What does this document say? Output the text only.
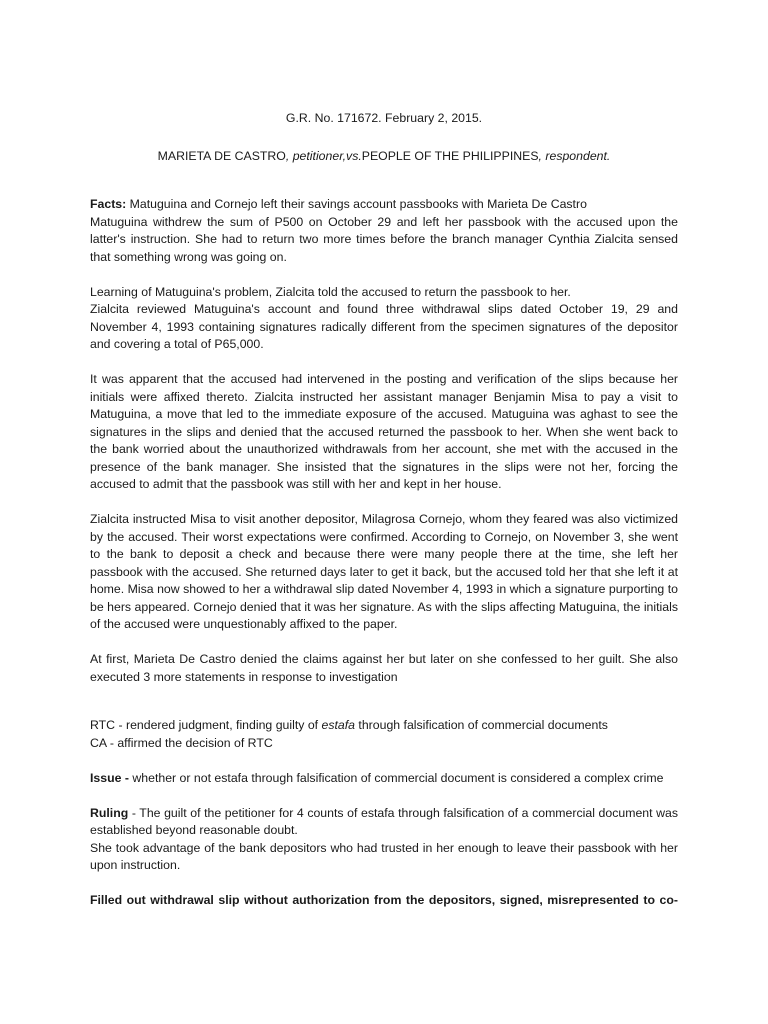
G.R. No. 171672. February 2, 2015.

MARIETA DE CASTRO, petitioner,vs.PEOPLE OF THE PHILIPPINES, respondent.

Facts: Matuguina and Cornejo left their savings account passbooks with Marieta De Castro

Matuguina withdrew the sum of P500 on October 29 and left her passbook with the accused upon the latter's instruction. She had to return two more times before the branch manager Cynthia Zialcita sensed that something wrong was going on.

Learning of Matuguina's problem, Zialcita told the accused to return the passbook to her.

Zialcita reviewed Matuguina's account and found three withdrawal slips dated October 19, 29 and November 4, 1993 containing signatures radically different from the specimen signatures of the depositor and covering a total of P65,000.

It was apparent that the accused had intervened in the posting and verification of the slips because her initials were affixed thereto. Zialcita instructed her assistant manager Benjamin Misa to pay a visit to Matuguina, a move that led to the immediate exposure of the accused. Matuguina was aghast to see the signatures in the slips and denied that the accused returned the passbook to her. When she went back to the bank worried about the unauthorized withdrawals from her account, she met with the accused in the presence of the bank manager. She insisted that the signatures in the slips were not her, forcing the accused to admit that the passbook was still with her and kept in her house.

Zialcita instructed Misa to visit another depositor, Milagrosa Cornejo, whom they feared was also victimized by the accused. Their worst expectations were confirmed. According to Cornejo, on November 3, she went to the bank to deposit a check and because there were many people there at the time, she left her passbook with the accused. She returned days later to get it back, but the accused told her that she left it at home. Misa now showed to her a withdrawal slip dated November 4, 1993 in which a signature purporting to be hers appeared. Cornejo denied that it was her signature. As with the slips affecting Matuguina, the initials of the accused were unquestionably affixed to the paper.

At first, Marieta De Castro denied the claims against her but later on she confessed to her guilt. She also executed 3 more statements in response to investigation

RTC - rendered judgment, finding guilty of estafa through falsification of commercial documents

CA - affirmed the decision of RTC

Issue - whether or not estafa through falsification of commercial document is considered a complex crime

Ruling - The guilt of the petitioner for 4 counts of estafa through falsification of a commercial document was established beyond reasonable doubt.

She took advantage of the bank depositors who had trusted in her enough to leave their passbook with her upon instruction.

Filled out withdrawal slip without authorization from the depositors, signed, misrepresented to co-
